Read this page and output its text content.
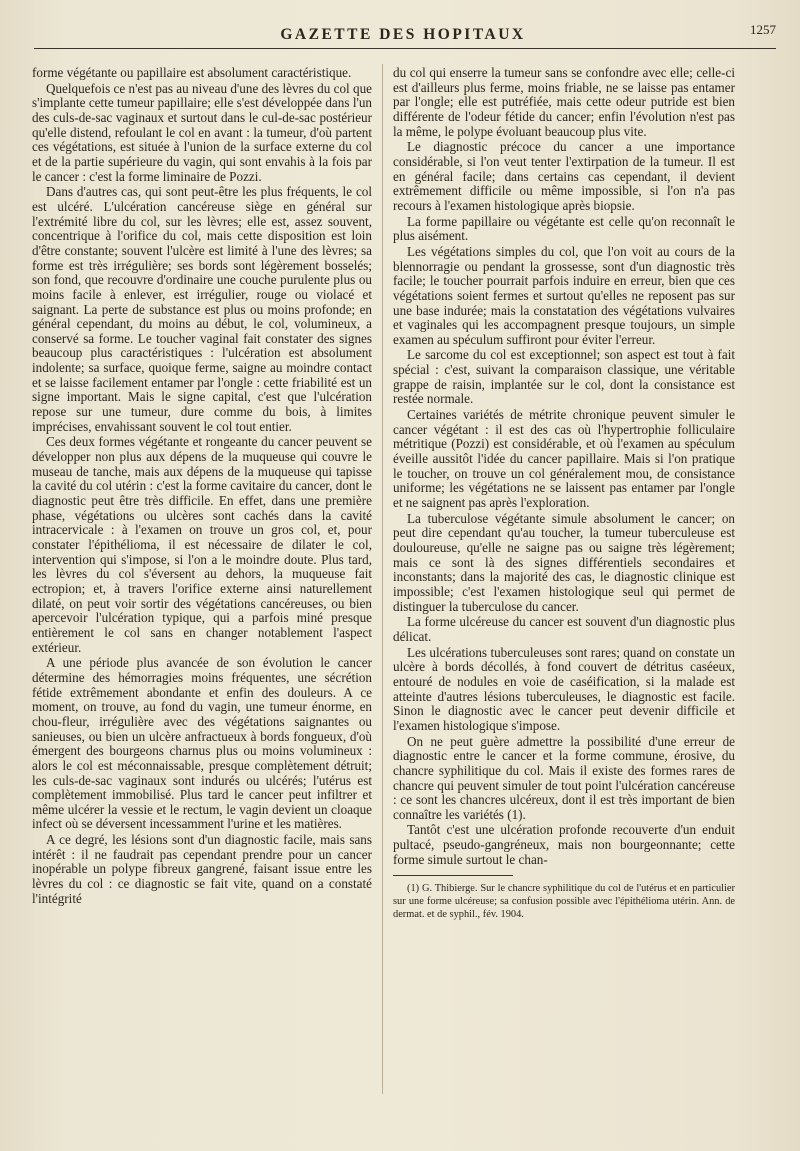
GAZETTE DES HOPITAUX	1257

forme végétante ou papillaire est absolument caractéristique.

Quelquefois ce n'est pas au niveau d'une des lèvres du col que s'implante cette tumeur papillaire; elle s'est développée dans l'un des culs-de-sac vaginaux et surtout dans le cul-de-sac postérieur qu'elle distend, refoulant le col en avant : la tumeur, d'où partent ces végétations, est située à l'union de la surface externe du col et de la partie supérieure du vagin, qui sont envahis à la fois par le cancer : c'est la forme liminaire de Pozzi.

Dans d'autres cas, qui sont peut-être les plus fréquents, le col est ulcéré. L'ulcération cancéreuse siège en général sur l'extrémité libre du col, sur les lèvres; elle est, assez souvent, concentrique à l'orifice du col, mais cette disposition est loin d'être constante; souvent l'ulcère est limité à l'une des lèvres; sa forme est très irrégulière; ses bords sont légèrement bosselés; son fond, que recouvre d'ordinaire une couche purulente plus ou moins facile à enlever, est irrégulier, rouge ou violacé et saignant. La perte de substance est plus ou moins profonde; en général cependant, du moins au début, le col, volumineux, a conservé sa forme. Le toucher vaginal fait constater des signes beaucoup plus caractéristiques : l'ulcération est absolument indolente; sa surface, quoique ferme, saigne au moindre contact et se laisse facilement entamer par l'ongle : cette friabilité est un signe important. Mais le signe capital, c'est que l'ulcération repose sur une tumeur, dure comme du bois, à limites imprécises, envahissant souvent le col tout entier.

Ces deux formes végétante et rongeante du cancer peuvent se développer non plus aux dépens de la muqueuse qui couvre le museau de tanche, mais aux dépens de la muqueuse qui tapisse la cavité du col utérin : c'est la forme cavitaire du cancer, dont le diagnostic peut être très difficile. En effet, dans une première phase, végétations ou ulcères sont cachés dans la cavité intracervicale : à l'examen on trouve un gros col, et, pour constater l'épithélioma, il est nécessaire de dilater le col, intervention qui s'impose, si l'on a le moindre doute. Plus tard, les lèvres du col s'éversent au dehors, la muqueuse fait ectropion; et, à travers l'orifice externe ainsi naturellement dilaté, on peut voir sortir des végétations cancéreuses, ou bien apercevoir l'ulcération typique, qui a parfois miné presque entièrement le col sans en changer notablement l'aspect extérieur.

A une période plus avancée de son évolution le cancer détermine des hémorragies moins fréquentes, une sécrétion fétide extrêmement abondante et enfin des douleurs. A ce moment, on trouve, au fond du vagin, une tumeur énorme, en chou-fleur, irrégulière avec des végétations saignantes ou sanieuses, ou bien un ulcère anfractueux à bords fongueux, d'où émergent des bourgeons charnus plus ou moins volumineux : alors le col est méconnaissable, presque complètement détruit; les culs-de-sac vaginaux sont indurés ou ulcérés; l'utérus est complètement immobilisé. Plus tard le cancer peut infiltrer et même ulcérer la vessie et le rectum, le vagin devient un cloaque infect où se déversent incessamment l'urine et les matières.

A ce degré, les lésions sont d'un diagnostic facile, mais sans intérêt : il ne faudrait pas cependant prendre pour un cancer inopérable un polype fibreux gangrené, faisant issue entre les lèvres du col : ce diagnostic se fait vite, quand on a constaté l'intégrité

du col qui enserre la tumeur sans se confondre avec elle; celle-ci est d'ailleurs plus ferme, moins friable, ne se laisse pas entamer par l'ongle; elle est putréfiée, mais cette odeur putride est bien différente de l'odeur fétide du cancer; enfin l'évolution n'est pas la même, le polype évoluant beaucoup plus vite.

Le diagnostic précoce du cancer a une importance considérable, si l'on veut tenter l'extirpation de la tumeur. Il est en général facile; dans certains cas cependant, il devient extrêmement difficile ou même impossible, si l'on n'a pas recours à l'examen histologique après biopsie.

La forme papillaire ou végétante est celle qu'on reconnaît le plus aisément.

Les végétations simples du col, que l'on voit au cours de la blennorragie ou pendant la grossesse, sont d'un diagnostic très facile; le toucher pourrait parfois induire en erreur, bien que ces végétations soient fermes et surtout qu'elles ne reposent pas sur une base indurée; mais la constatation des végétations vulvaires et vaginales qui les accompagnent presque toujours, un simple examen au spéculum suffiront pour éviter l'erreur.

Le sarcome du col est exceptionnel; son aspect est tout à fait spécial : c'est, suivant la comparaison classique, une véritable grappe de raisin, implantée sur le col, dont la consistance est restée normale.

Certaines variétés de métrite chronique peuvent simuler le cancer végétant : il est des cas où l'hypertrophie folliculaire métritique (Pozzi) est considérable, et où l'examen au spéculum éveille aussitôt l'idée du cancer papillaire. Mais si l'on pratique le toucher, on trouve un col généralement mou, de consistance uniforme; les végétations ne se laissent pas entamer par l'ongle et ne saignent pas après l'exploration.

La tuberculose végétante simule absolument le cancer; on peut dire cependant qu'au toucher, la tumeur tuberculeuse est douloureuse, qu'elle ne saigne pas ou saigne très légèrement; mais ce sont là des signes différentiels secondaires et inconstants; dans la majorité des cas, le diagnostic clinique est impossible; c'est l'examen histologique seul qui permet de distinguer la tuberculose du cancer.

La forme ulcéreuse du cancer est souvent d'un diagnostic plus délicat.

Les ulcérations tuberculeuses sont rares; quand on constate un ulcère à bords décollés, à fond couvert de détritus caséeux, entouré de nodules en voie de caséification, si la malade est atteinte d'autres lésions tuberculeuses, le diagnostic est facile. Sinon le diagnostic avec le cancer peut devenir difficile et l'examen histologique s'impose.

On ne peut guère admettre la possibilité d'une erreur de diagnostic entre le cancer et la forme commune, érosive, du chancre syphilitique du col. Mais il existe des formes rares de chancre qui peuvent simuler de tout point l'ulcération cancéreuse : ce sont les chancres ulcéreux, dont il est très important de bien connaître les variétés (1).

Tantôt c'est une ulcération profonde recouverte d'un enduit pultacé, pseudo-gangréneux, mais non bourgeonnante; cette forme simule surtout le chan-

(1) G. Thibierge. Sur le chancre syphilitique du col de l'utérus et en particulier sur une forme ulcéreuse; sa confusion possible avec l'épithélioma utérin. Ann. de dermat. et de syphil., fév. 1904.
